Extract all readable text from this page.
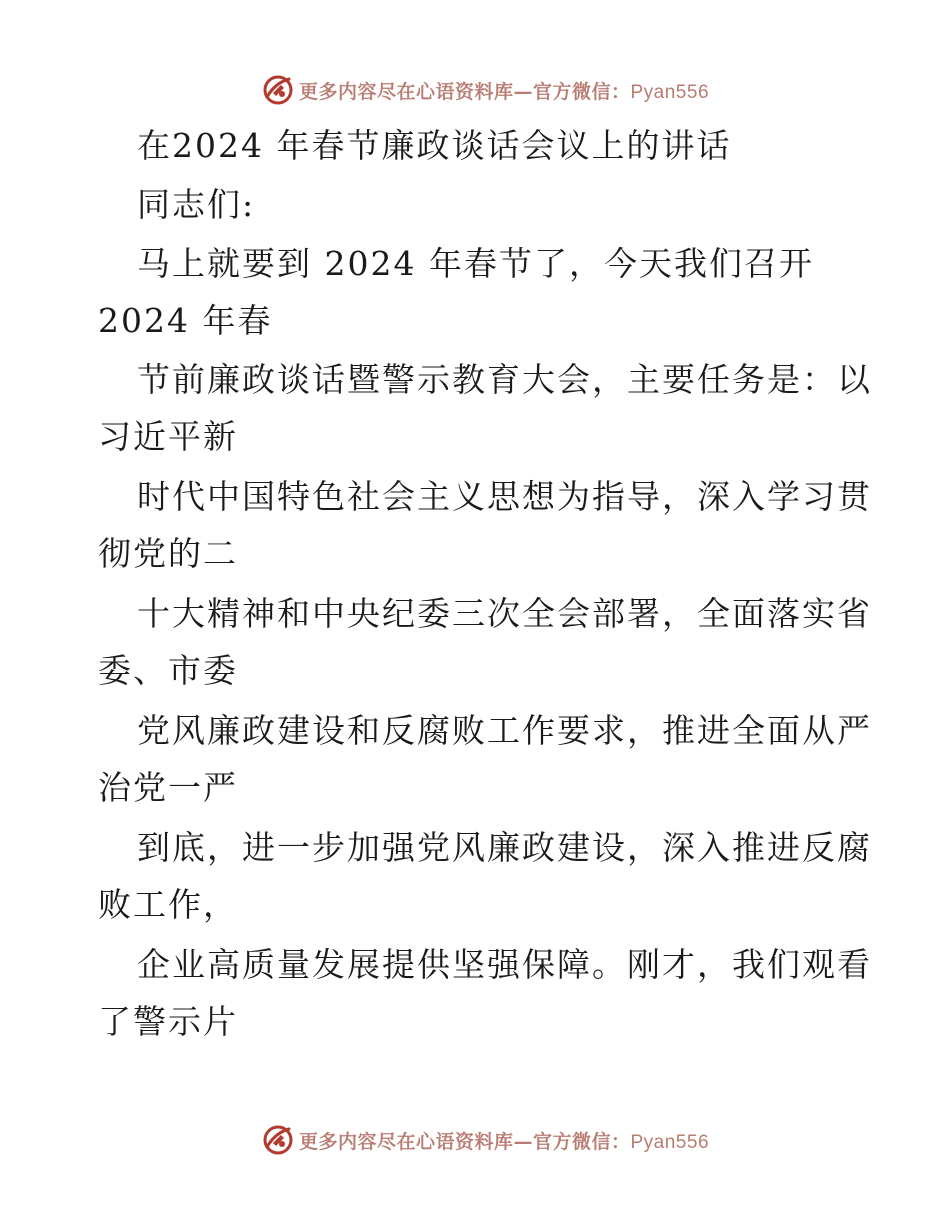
更多内容尽在心语资料库—官方微信：Pyan556
在2024 年春节廉政谈话会议上的讲话
同志们:
马上就要到 2024 年春节了，今天我们召开
2024 年春
节前廉政谈话暨警示教育大会，主要任务是：以
习近平新
时代中国特色社会主义思想为指导，深入学习贯
彻党的二
十大精神和中央纪委三次全会部署，全面落实省
委、市委
党风廉政建设和反腐败工作要求，推进全面从严
治党一严
到底，进一步加强党风廉政建设，深入推进反腐
败工作，
企业高质量发展提供坚强保障。刚才，我们观看
了警示片
更多内容尽在心语资料库—官方微信：Pyan556
